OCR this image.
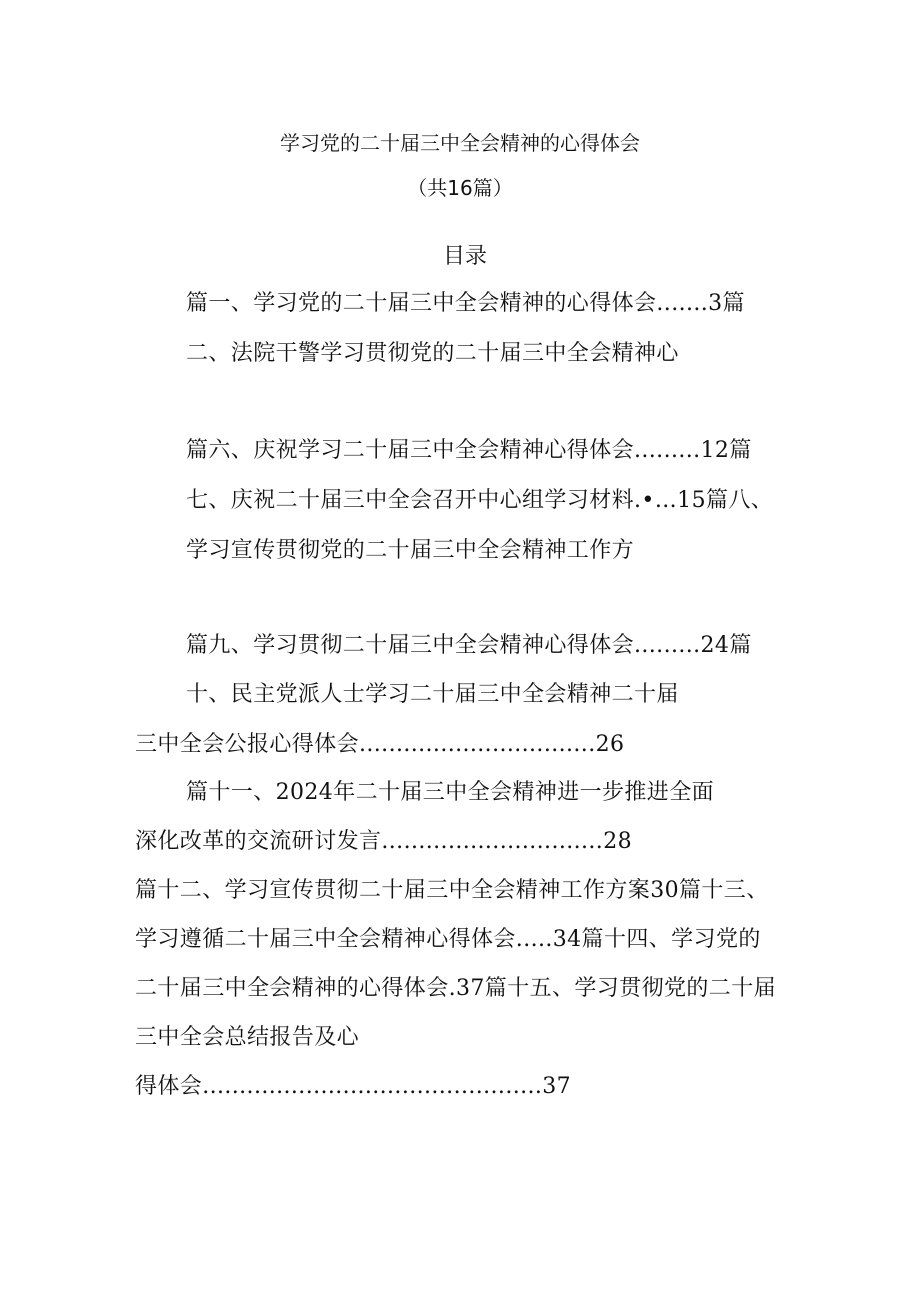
学习党的二十届三中全会精神的心得体会
（共16篇）
目录
篇一、学习党的二十届三中全会精神的心得体会.......3篇
二、法院干警学习贯彻党的二十届三中全会精神心
篇六、庆祝学习二十届三中全会精神心得体会.........12篇
七、庆祝二十届三中全会召开中心组学习材料.•…15篇八、
学习宣传贯彻党的二十届三中全会精神工作方
篇九、学习贯彻二十届三中全会精神心得体会.........24篇
十、民主党派人士学习二十届三中全会精神二十届
三中全会公报心得体会................................26
篇十一、2024年二十届三中全会精神进一步推进全面
深化改革的交流研讨发言..............................28
篇十二、学习宣传贯彻二十届三中全会精神工作方案30篇十三、
学习遵循二十届三中全会精神心得体会.....34篇十四、学习党的
二十届三中全会精神的心得体会.37篇十五、学习贯彻党的二十届
三中全会总结报告及心
得体会..............................................37
